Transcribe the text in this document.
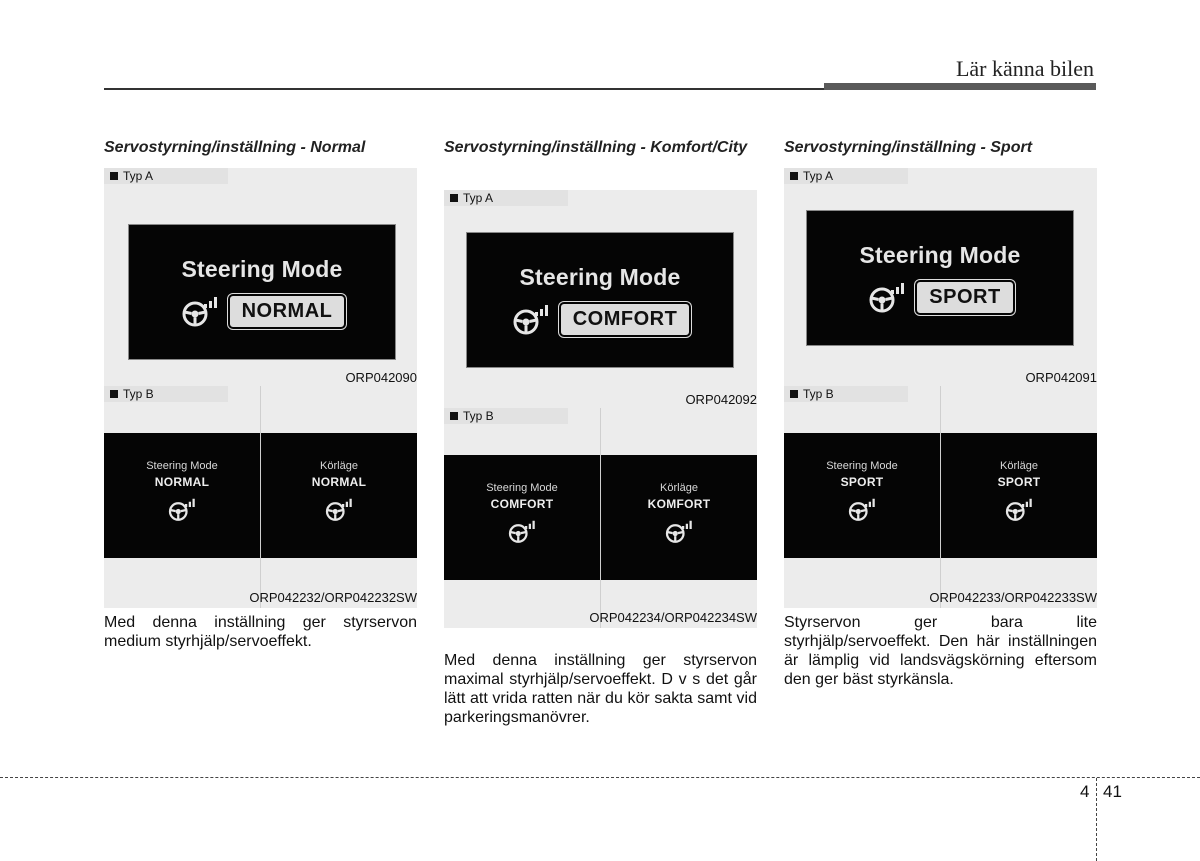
Lär känna bilen
Servostyrning/inställning - Normal
Typ A
Steering Mode
NORMAL
ORP042090
Typ B
Steering Mode
NORMAL
Körläge
NORMAL
ORP042232/ORP042232SW
Med denna inställning ger styrservon medium styrhjälp/servoeffekt.
Servostyrning/inställning - Komfort/City
Typ A
Steering Mode
COMFORT
ORP042092
Typ B
Steering Mode
COMFORT
Körläge
KOMFORT
ORP042234/ORP042234SW
Med denna inställning ger styrservon maximal styrhjälp/servoeffekt. D v s det går lätt att vrida ratten när du kör sakta samt vid parkeringsmanövrer.
Servostyrning/inställning - Sport
Typ A
Steering Mode
SPORT
ORP042091
Typ B
Steering Mode
SPORT
Körläge
SPORT
ORP042233/ORP042233SW
Styrservon ger bara lite styrhjälp/servoeffekt. Den här inställningen är lämplig vid landsvägskörning eftersom den ger bäst styrkänsla.
4 41
